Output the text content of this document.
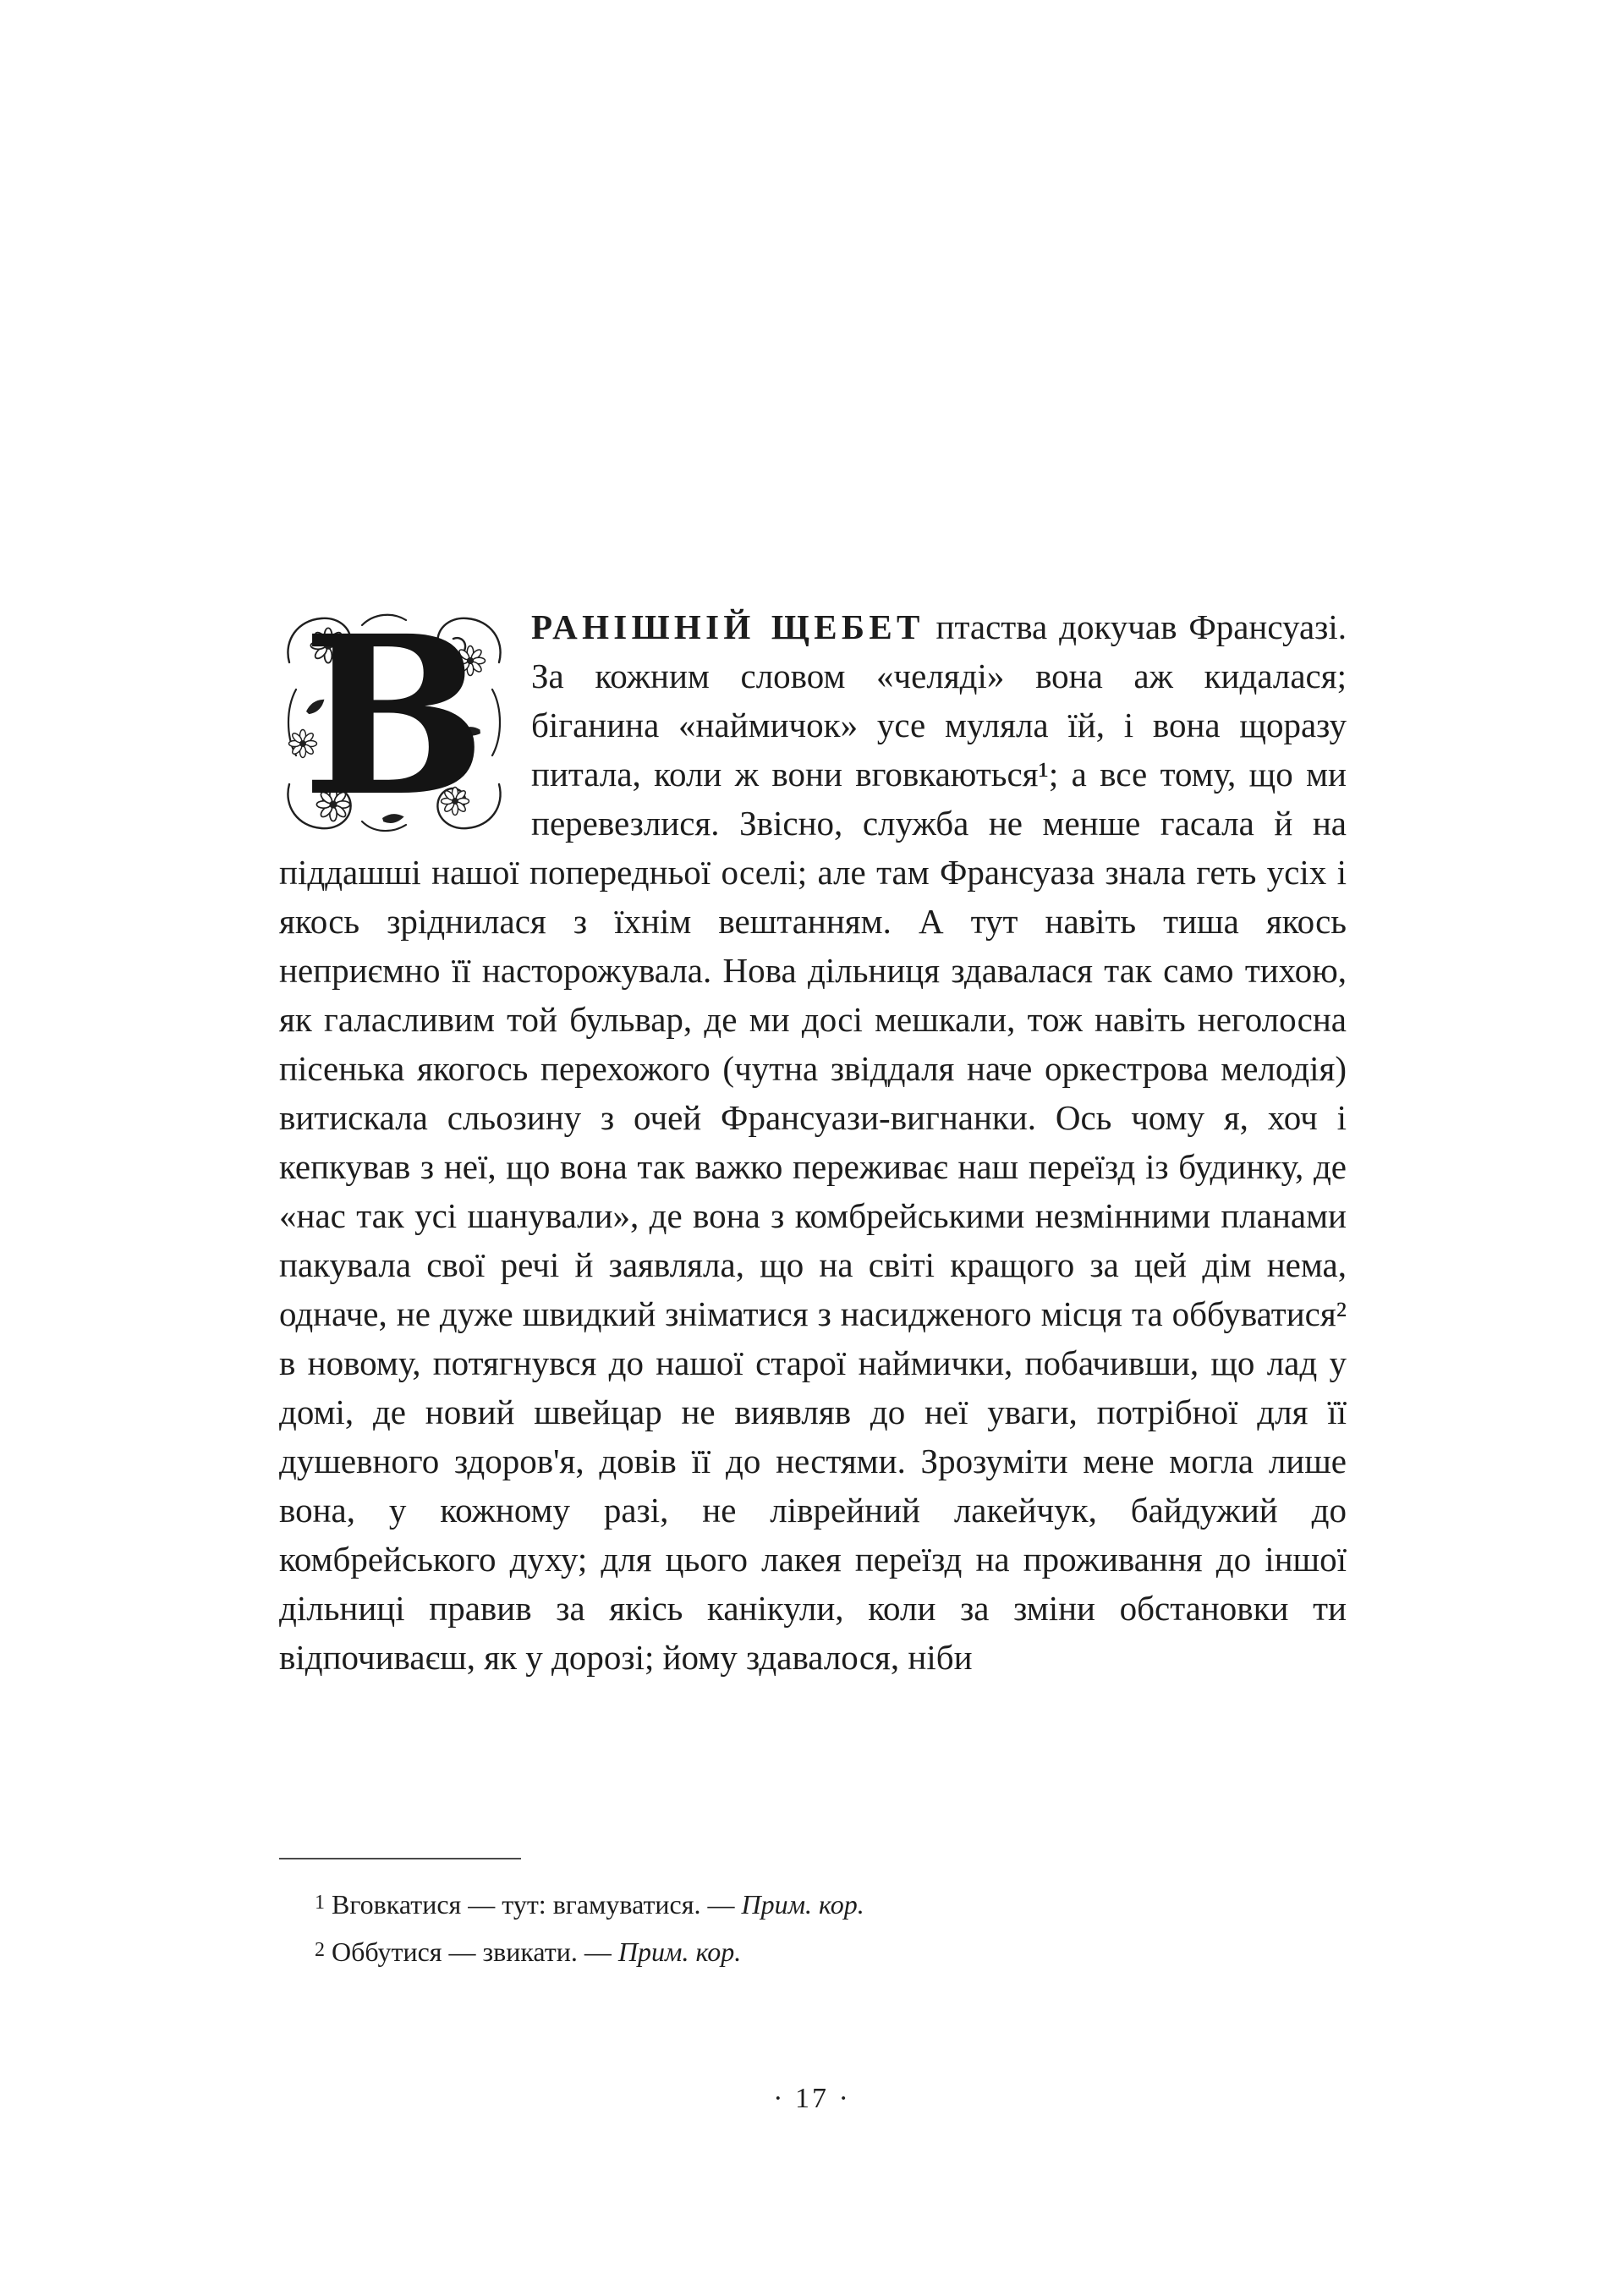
В	РАНІШНІЙ ЩЕБЕТ птаства докучав Франсуазі. За кожним словом «челяді» вона аж кидалася; біганина «наймичок» усе муляла їй, і вона щоразу питала, коли ж вони вговкаються¹; а все тому, що ми перевезлися. Звісно, служба не менше гасала й на піддашші нашої попередньої оселі; але там Франсуаза знала геть усіх і якось зріднилася з їхнім вештанням. А тут навіть тиша якось неприємно її насторожувала. Нова дільниця здавалася так само тихою, як галасливим той бульвар, де ми досі мешкали, тож навіть неголосна пісенька якогось перехожого (чутна звіддаля наче оркестрова мелодія) витискала сльозину з очей Франсуази-вигнанки. Ось чому я, хоч і кепкував з неї, що вона так важко переживає наш переїзд із будинку, де «нас так усі шанували», де вона з комбрейськими незмінними планами пакувала свої речі й заявляла, що на світі кращого за цей дім нема, одначе, не дуже швидкий зніматися з насидженого місця та оббуватися² в новому, потягнувся до нашої старої наймички, побачивши, що лад у домі, де новий швейцар не виявляв до неї уваги, потрібної для її душевного здоров'я, довів її до нестями. Зрозуміти мене могла лише вона, у кожному разі, не ліврейний лакейчук, байдужий до комбрейського духу; для цього лакея переїзд на проживання до іншої дільниці правив за якісь канікули, коли за зміни обстановки ти відпочиваєш, як у дорозі; йому здавалося, ніби

$^1$ Вговкатися — тут: вгамуватися. — Прим. кор.

$^2$ Оббутися — звикати. — Прим. кор.

· 17 ·
